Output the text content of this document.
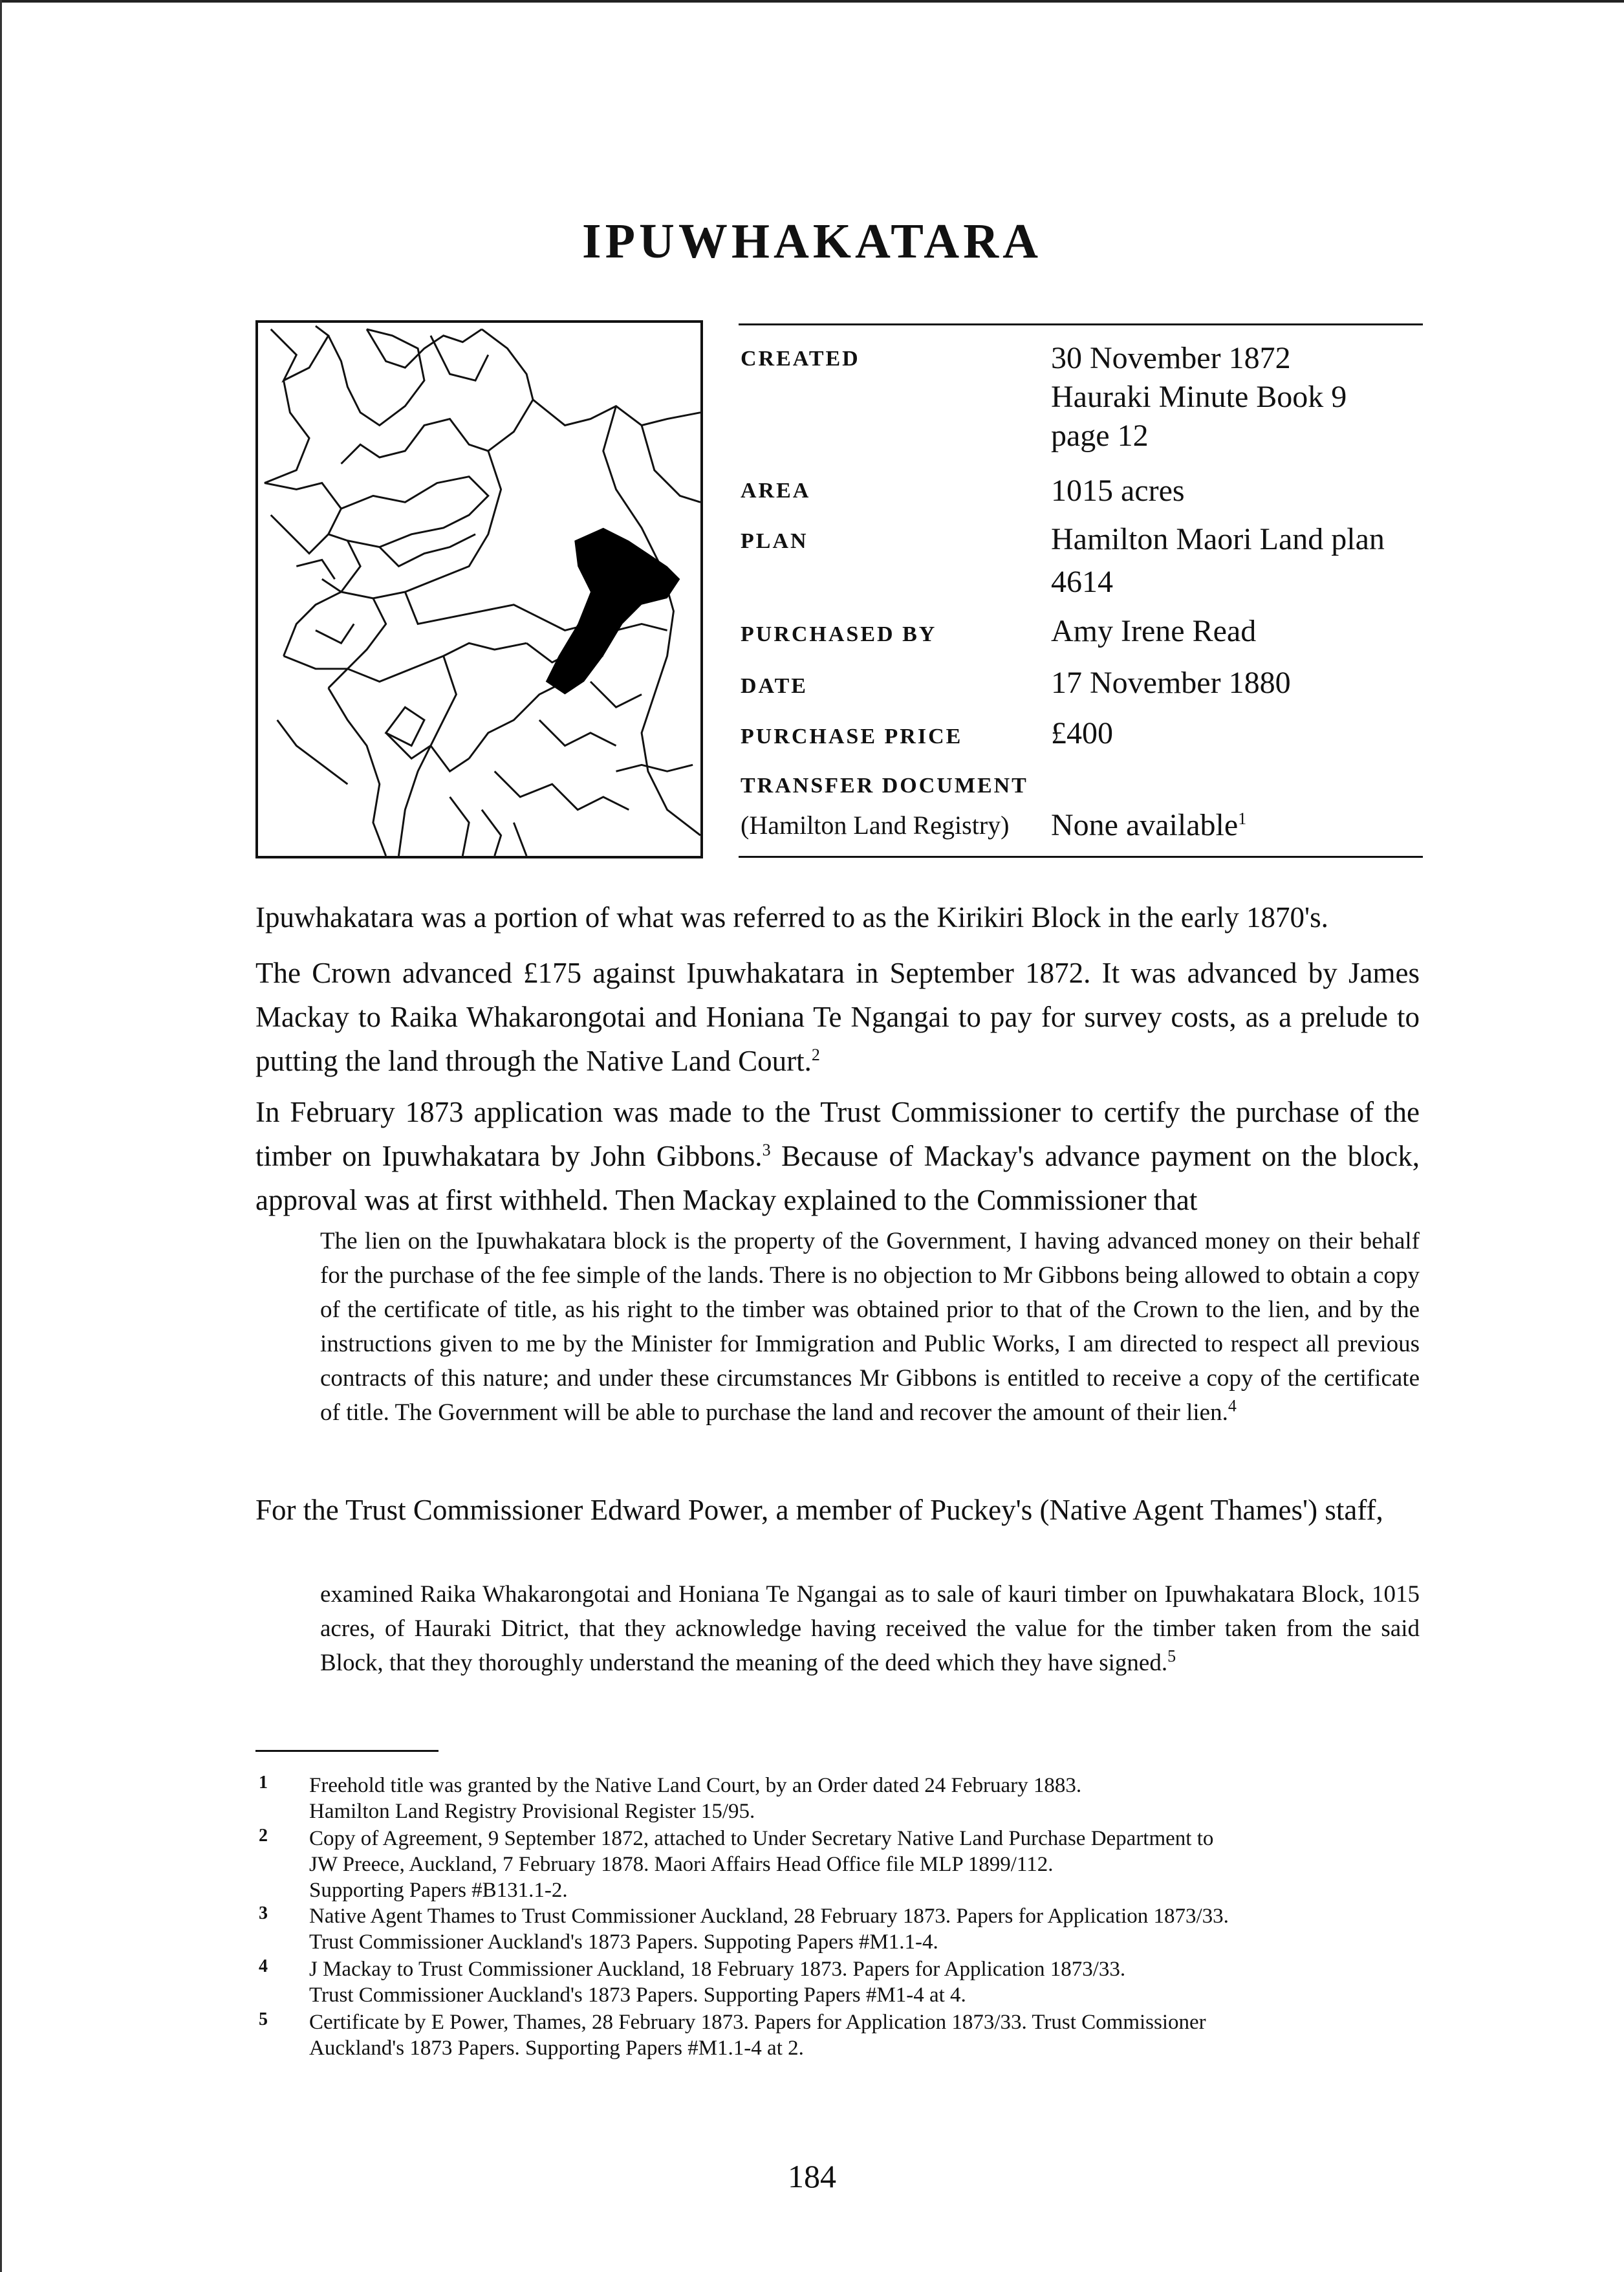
IPUWHAKATARA
CREATED	30 November 1872
Hauraki Minute Book 9
page 12
AREA	1015 acres
PLAN	Hamilton Maori Land plan
4614
PURCHASED BY	Amy Irene Read
DATE	17 November 1880
PURCHASE PRICE	£400
TRANSFER DOCUMENT
(Hamilton Land Registry) None available$^1$
Ipuwhakatara was a portion of what was referred to as the Kirikiri Block in the early 1870's.
The Crown advanced £175 against Ipuwhakatara in September 1872. It was advanced by James Mackay to Raika Whakarongotai and Honiana Te Ngangai to pay for survey costs, as a prelude to putting the land through the Native Land Court.$^2$
In February 1873 application was made to the Trust Commissioner to certify the purchase of the timber on Ipuwhakatara by John Gibbons.$^3$ Because of Mackay's advance payment on the block, approval was at first withheld. Then Mackay explained to the Commissioner that
The lien on the Ipuwhakatara block is the property of the Government, I having advanced money on their behalf for the purchase of the fee simple of the lands. There is no objection to Mr Gibbons being allowed to obtain a copy of the certificate of title, as his right to the timber was obtained prior to that of the Crown to the lien, and by the instructions given to me by the Minister for Immigration and Public Works, I am directed to respect all previous contracts of this nature; and under these circumstances Mr Gibbons is entitled to receive a copy of the certificate of title. The Government will be able to purchase the land and recover the amount of their lien.$^4$
For the Trust Commissioner Edward Power, a member of Puckey's (Native Agent Thames') staff,
examined Raika Whakarongotai and Honiana Te Ngangai as to sale of kauri timber on Ipuwhakatara Block, 1015 acres, of Hauraki Ditrict, that they acknowledge having received the value for the timber taken from the said Block, that they thoroughly understand the meaning of the deed which they have signed.$^5$
1 Freehold title was granted by the Native Land Court, by an Order dated 24 February 1883.
Hamilton Land Registry Provisional Register 15/95.
2 Copy of Agreement, 9 September 1872, attached to Under Secretary Native Land Purchase Department to
JW Preece, Auckland, 7 February 1878. Maori Affairs Head Office file MLP 1899/112.
Supporting Papers #B131.1-2.
3 Native Agent Thames to Trust Commissioner Auckland, 28 February 1873. Papers for Application 1873/33.
Trust Commissioner Auckland's 1873 Papers. Suppoting Papers #M1.1-4.
4 J Mackay to Trust Commissioner Auckland, 18 February 1873. Papers for Application 1873/33.
Trust Commissioner Auckland's 1873 Papers. Supporting Papers #M1-4 at 4.
5 Certificate by E Power, Thames, 28 February 1873. Papers for Application 1873/33. Trust Commissioner
Auckland's 1873 Papers. Supporting Papers #M1.1-4 at 2.
184
